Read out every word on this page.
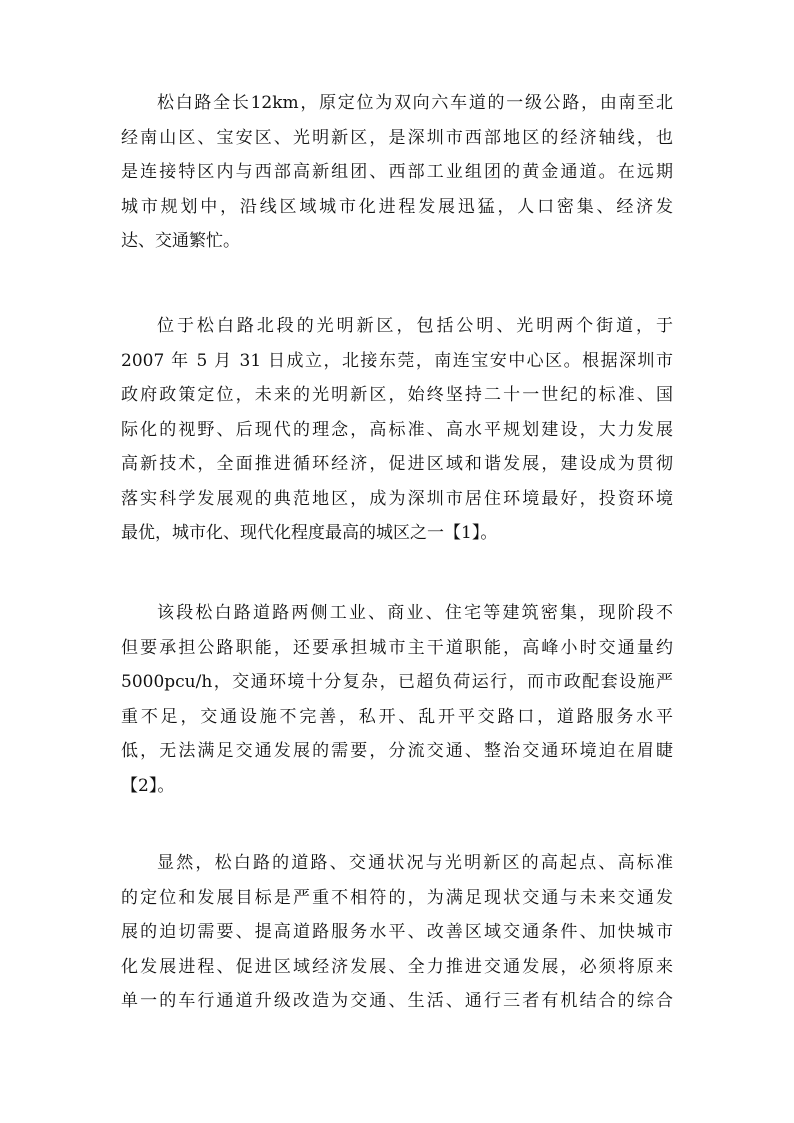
松白路全长12km，原定位为双向六车道的一级公路，由南至北
经南山区、宝安区、光明新区，是深圳市西部地区的经济轴线，也
是连接特区内与西部高新组团、西部工业组团的黄金通道。在远期
城市规划中，沿线区域城市化进程发展迅猛，人口密集、经济发
达、交通繁忙。

位于松白路北段的光明新区，包括公明、光明两个街道，于
2007 年 5 月 31 日成立，北接东莞，南连宝安中心区。根据深圳市
政府政策定位，未来的光明新区，始终坚持二十一世纪的标准、国
际化的视野、后现代的理念，高标准、高水平规划建设，大力发展
高新技术，全面推进循环经济，促进区域和谐发展，建设成为贯彻
落实科学发展观的典范地区，成为深圳市居住环境最好，投资环境
最优，城市化、现代化程度最高的城区之一【1】。

该段松白路道路两侧工业、商业、住宅等建筑密集，现阶段不
但要承担公路职能，还要承担城市主干道职能，高峰小时交通量约
5000pcu/h，交通环境十分复杂，已超负荷运行，而市政配套设施严
重不足，交通设施不完善，私开、乱开平交路口，道路服务水平
低，无法满足交通发展的需要，分流交通、整治交通环境迫在眉睫
【2】。

显然，松白路的道路、交通状况与光明新区的高起点、高标准
的定位和发展目标是严重不相符的，为满足现状交通与未来交通发
展的迫切需要、提高道路服务水平、改善区域交通条件、加快城市
化发展进程、促进区域经济发展、全力推进交通发展，必须将原来
单一的车行通道升级改造为交通、生活、通行三者有机结合的综合
